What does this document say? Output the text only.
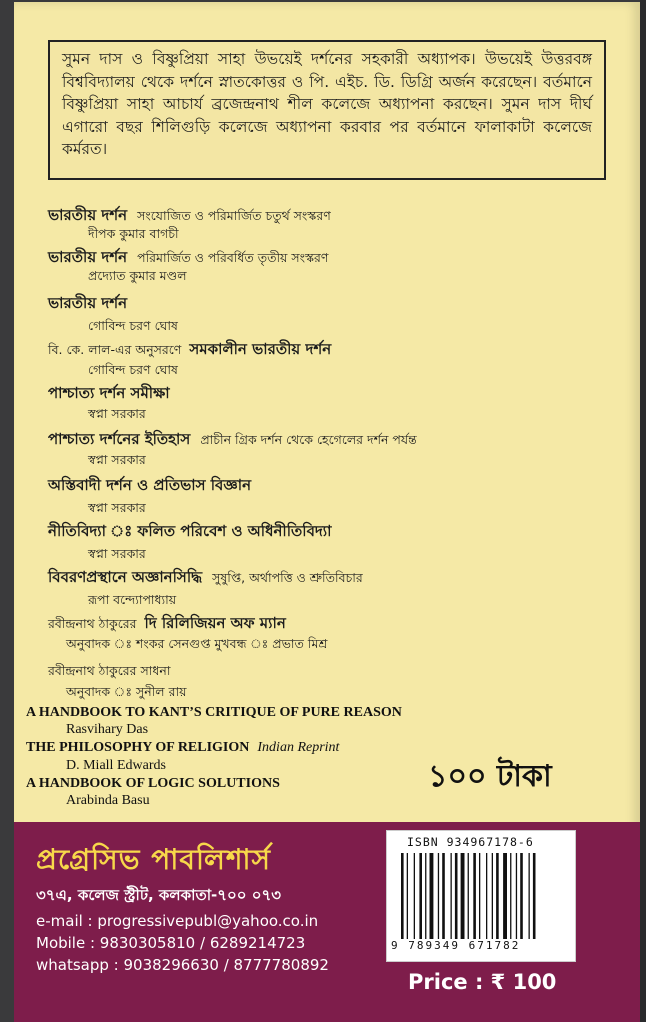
সুমন দাস ও বিষ্ণুপ্রিয়া সাহা উভয়েই দর্শনের সহকারী অধ্যাপক। উভয়েই উত্তরবঙ্গ বিশ্ববিদ্যালয় থেকে দর্শনে স্নাতকোত্তর ও পি. এইচ. ডি. ডিগ্রি অর্জন করেছেন। বর্তমানে বিষ্ণুপ্রিয়া সাহা আচার্য ব্রজেন্দ্রনাথ শীল কলেজে অধ্যাপনা করছেন। সুমন দাস দীর্ঘ এগারো বছর শিলিগুড়ি কলেজে অধ্যাপনা করবার পর বর্তমানে ফালাকাটা কলেজে কর্মরত।
ভারতীয় দর্শন সংযোজিত ও পরিমার্জিত চতুর্থ সংস্করণ
দীপক কুমার বাগচী
ভারতীয় দর্শন পরিমার্জিত ও পরিবর্ধিত তৃতীয় সংস্করণ
প্রদ্যোত কুমার মণ্ডল
ভারতীয় দর্শন
গোবিন্দ চরণ ঘোষ
বি. কে. লাল-এর অনুসরণে সমকালীন ভারতীয় দর্শন
গোবিন্দ চরণ ঘোষ
পাশ্চাত্য দর্শন সমীক্ষা
স্বপ্না সরকার
পাশ্চাত্য দর্শনের ইতিহাস প্রাচীন গ্রিক দর্শন থেকে হেগেলের দর্শন পর্যন্ত
স্বপ্না সরকার
অস্তিবাদী দর্শন ও প্রতিভাস বিজ্ঞান
স্বপ্না সরকার
নীতিবিদ্যা ঃ ফলিত পরিবেশ ও অধিনীতিবিদ্যা
স্বপ্না সরকার
বিবরণপ্রস্থানে অজ্ঞানসিদ্ধি সুষুপ্তি, অর্থাপত্তি ও শ্রুতিবিচার
রূপা বন্দ্যোপাধ্যায়
রবীন্দ্রনাথ ঠাকুরের দি রিলিজিয়ন অফ ম্যান
অনুবাদক ঃ শংকর সেনগুপ্ত মুখবন্ধ ঃ প্রভাত মিশ্র
রবীন্দ্রনাথ ঠাকুরের সাধনা
অনুবাদক ঃ সুনীল রায়
A HANDBOOK TO KANT’S CRITIQUE OF PURE REASON
Rasvihary Das
THE PHILOSOPHY OF RELIGION Indian Reprint
D. Miall Edwards
A HANDBOOK OF LOGIC SOLUTIONS
Arabinda Basu
১০০ টাকা
প্রগ্রেসিভ পাবলিশার্স
৩৭এ, কলেজ স্ট্রীট, কলকাতা-৭০০ ০৭৩
e-mail : progressivepubl@yahoo.co.in
Mobile : 9830305810 / 6289214723
whatsapp : 9038296630 / 8777780892
ISBN 934967178-6
9 789349 671782
Price : ₹ 100
